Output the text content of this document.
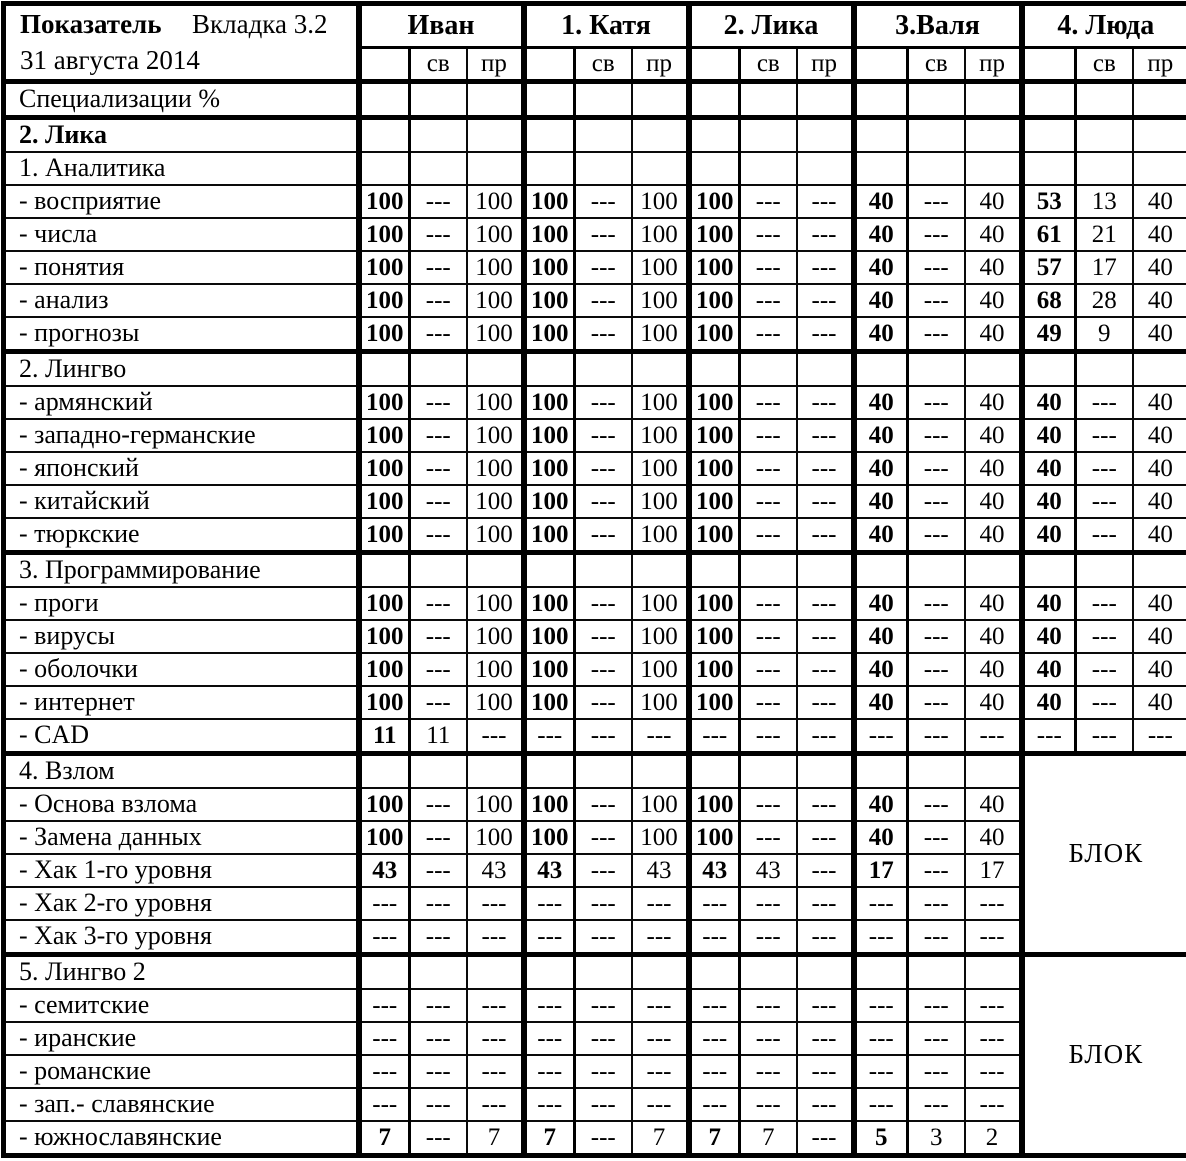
Показатель Вкладка 3.2
31 августа 2014	Иван			1. Катя			2. Лика			3.Валя			4. Люда		
		св	пр		св	пр		св	пр		св	пр		св	пр
Специализации %															
2. Лика															
1. Аналитика															
- восприятие	100	---	100	100	---	100	100	---	---	40	---	40	53	13	40
- числа	100	---	100	100	---	100	100	---	---	40	---	40	61	21	40
- понятия	100	---	100	100	---	100	100	---	---	40	---	40	57	17	40
- анализ	100	---	100	100	---	100	100	---	---	40	---	40	68	28	40
- прогнозы	100	---	100	100	---	100	100	---	---	40	---	40	49	9	40
2. Лингво															
- армянский	100	---	100	100	---	100	100	---	---	40	---	40	40	---	40
- западно-германские	100	---	100	100	---	100	100	---	---	40	---	40	40	---	40
- японский	100	---	100	100	---	100	100	---	---	40	---	40	40	---	40
- китайский	100	---	100	100	---	100	100	---	---	40	---	40	40	---	40
- тюркские	100	---	100	100	---	100	100	---	---	40	---	40	40	---	40
3. Программирование															
- проги	100	---	100	100	---	100	100	---	---	40	---	40	40	---	40
- вирусы	100	---	100	100	---	100	100	---	---	40	---	40	40	---	40
- оболочки	100	---	100	100	---	100	100	---	---	40	---	40	40	---	40
- интернет	100	---	100	100	---	100	100	---	---	40	---	40	40	---	40
- CAD	11	11	---	---	---	---	---	---	---	---	---	---	---	---	---
4. Взлом													БЛОК		
- Основа взлома	100	---	100	100	---	100	100	---	---	40	---	40			
- Замена данных	100	---	100	100	---	100	100	---	---	40	---	40			
- Хак 1-го уровня	43	---	43	43	---	43	43	43	---	17	---	17			
- Хак 2-го уровня	---	---	---	---	---	---	---	---	---	---	---	---			
- Хак 3-го уровня	---	---	---	---	---	---	---	---	---	---	---	---			
5. Лингво 2													БЛОК		
- семитские	---	---	---	---	---	---	---	---	---	---	---	---			
- иранские	---	---	---	---	---	---	---	---	---	---	---	---			
- романские	---	---	---	---	---	---	---	---	---	---	---	---			
- зап.- славянские	---	---	---	---	---	---	---	---	---	---	---	---			
- южнославянские	7	---	7	7	---	7	7	7	---	5	3	2			
